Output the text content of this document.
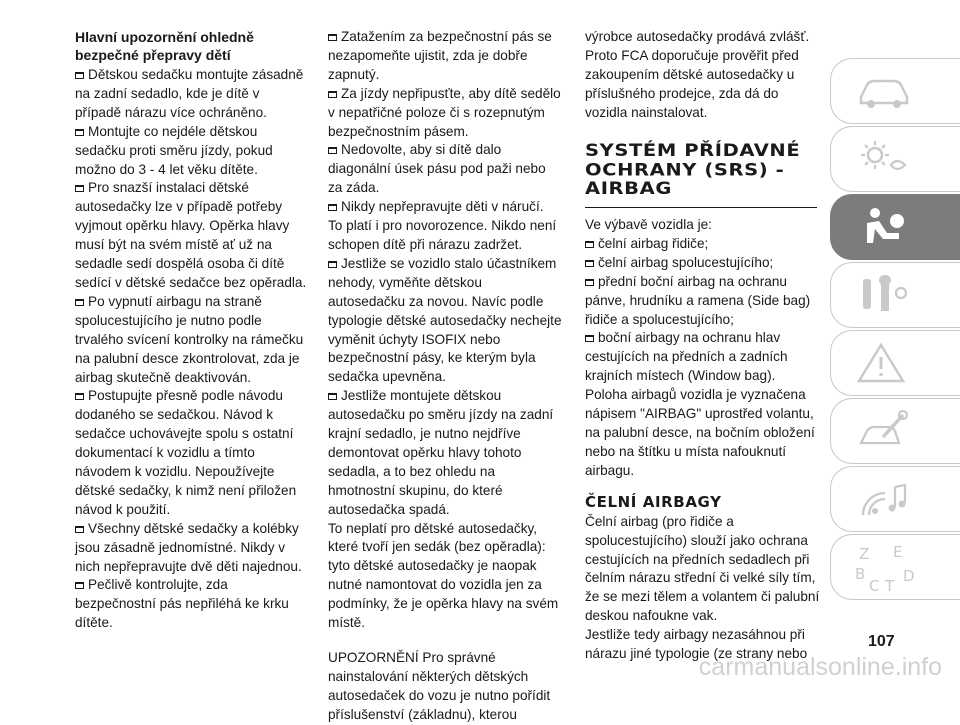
Hlavní upozornění ohledně bezpečné přepravy dětí

Dětskou sedačku montujte zásadně na zadní sedadlo, kde je dítě v případě nárazu více ochráněno.

Montujte co nejdéle dětskou sedačku proti směru jízdy, pokud možno do 3 - 4 let věku dítěte.

Pro snazší instalaci dětské autosedačky lze v případě potřeby vyjmout opěrku hlavy. Opěrka hlavy musí být na svém místě ať už na sedadle sedí dospělá osoba či dítě sedící v dětské sedačce bez opěradla.

Po vypnutí airbagu na straně spolucestujícího je nutno podle trvalého svícení kontrolky na rámečku na palubní desce zkontrolovat, zda je airbag skutečně deaktivován.

Postupujte přesně podle návodu dodaného se sedačkou. Návod k sedačce uchovávejte spolu s ostatní dokumentací k vozidlu a tímto návodem k vozidlu. Nepoužívejte dětské sedačky, k nimž není přiložen návod k použití.

Všechny dětské sedačky a kolébky jsou zásadně jednomístné. Nikdy v nich nepřepravujte dvě děti najednou.

Pečlivě kontrolujte, zda bezpečnostní pás nepřiléhá ke krku dítěte.

Zatažením za bezpečnostní pás se nezapomeňte ujistit, zda je dobře zapnutý.

Za jízdy nepřipusťte, aby dítě sedělo v nepatřičné poloze či s rozepnutým bezpečnostním pásem.

Nedovolte, aby si dítě dalo diagonální úsek pásu pod paži nebo za záda.

Nikdy nepřepravujte děti v náručí.

To platí i pro novorozence. Nikdo není schopen dítě při nárazu zadržet.

Jestliže se vozidlo stalo účastníkem nehody, vyměňte dětskou autosedačku za novou. Navíc podle typologie dětské autosedačky nechejte vyměnit úchyty ISOFIX nebo bezpečnostní pásy, ke kterým byla sedačka upevněna.

Jestliže montujete dětskou autosedačku po směru jízdy na zadní krajní sedadlo, je nutno nejdříve demontovat opěrku hlavy tohoto sedadla, a to bez ohledu na hmotnostní skupinu, do které autosedačka spadá.

To neplatí pro dětské autosedačky, které tvoří jen sedák (bez opěradla): tyto dětské autosedačky je naopak nutné namontovat do vozidla jen za podmínky, že je opěrka hlavy na svém místě.

UPOZORNĚNÍ Pro správné nainstalování některých dětských autosedaček do vozu je nutno pořídit příslušenství (základnu), kterou

výrobce autosedačky prodává zvlášť. Proto FCA doporučuje prověřit před zakoupením dětské autosedačky u příslušného prodejce, zda dá do vozidla nainstalovat.

SYSTÉM PŘÍDAVNÉ OCHRANY (SRS) - AIRBAG

Ve výbavě vozidla je:

čelní airbag řidiče;

čelní airbag spolucestujícího;

přední boční airbag na ochranu pánve, hrudníku a ramena (Side bag) řidiče a spolucestujícího;

boční airbagy na ochranu hlav cestujících na předních a zadních krajních místech (Window bag).

Poloha airbagů vozidla je vyznačena nápisem "AIRBAG" uprostřed volantu, na palubní desce, na bočním obložení nebo na štítku u místa nafouknutí airbagu.

ČELNÍ AIRBAGY

Čelní airbag (pro řidiče a spolucestujícího) slouží jako ochrana cestujících na předních sedadlech při čelním nárazu střední či velké síly tím, že se mezi tělem a volantem či palubní deskou nafoukne vak.

Jestliže tedy airbagy nezasáhnou při nárazu jiné typologie (ze strany nebo

Z E
B
C T
D
107
carmanualsonline.info
